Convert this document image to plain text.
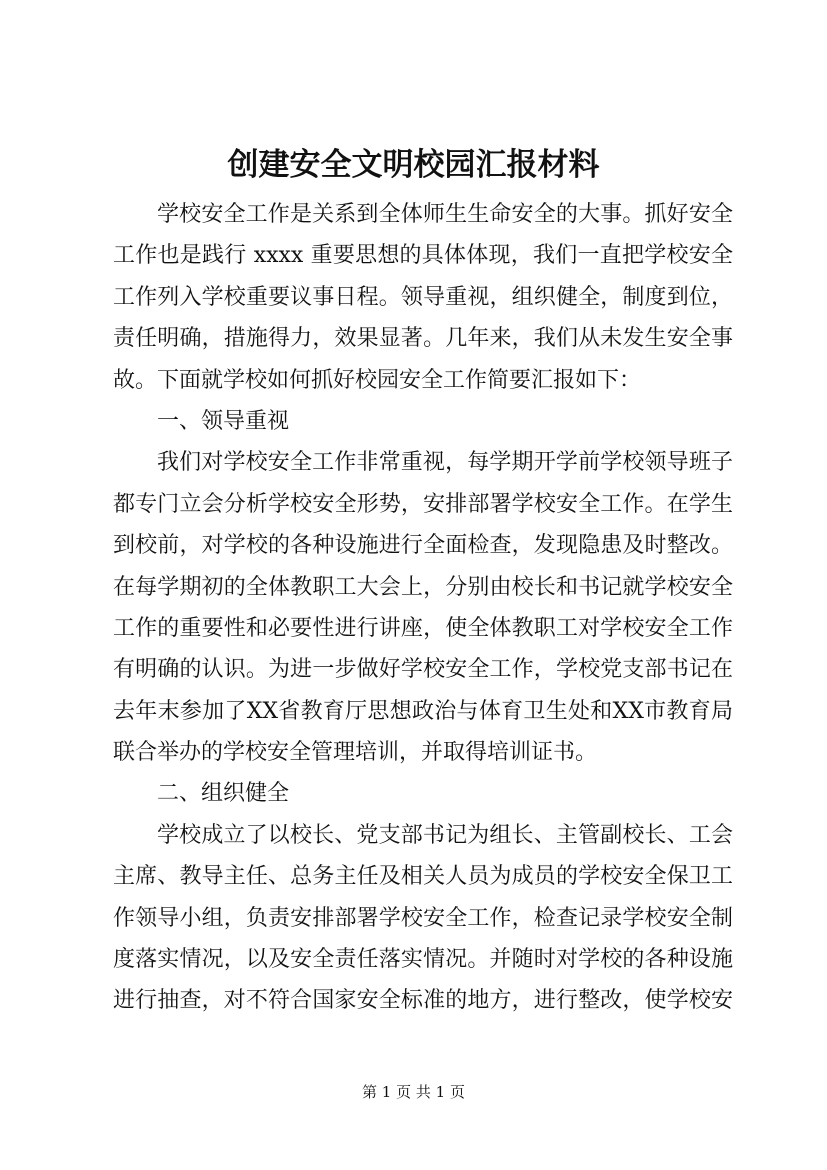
创建安全文明校园汇报材料
学校安全工作是关系到全体师生生命安全的大事。抓好安全
工作也是践行 xxxx 重要思想的具体体现，我们一直把学校安全
工作列入学校重要议事日程。领导重视，组织健全，制度到位，
责任明确，措施得力，效果显著。几年来，我们从未发生安全事
故。下面就学校如何抓好校园安全工作简要汇报如下：
一、领导重视
我们对学校安全工作非常重视，每学期开学前学校领导班子
都专门立会分析学校安全形势，安排部署学校安全工作。在学生
到校前，对学校的各种设施进行全面检查，发现隐患及时整改。
在每学期初的全体教职工大会上，分别由校长和书记就学校安全
工作的重要性和必要性进行讲座，使全体教职工对学校安全工作
有明确的认识。为进一步做好学校安全工作，学校党支部书记在
去年末参加了XX省教育厅思想政治与体育卫生处和XX市教育局
联合举办的学校安全管理培训，并取得培训证书。
二、组织健全
学校成立了以校长、党支部书记为组长、主管副校长、工会
主席、教导主任、总务主任及相关人员为成员的学校安全保卫工
作领导小组，负责安排部署学校安全工作，检查记录学校安全制
度落实情况，以及安全责任落实情况。并随时对学校的各种设施
进行抽查，对不符合国家安全标准的地方，进行整改，使学校安
第 1 页 共 1 页
